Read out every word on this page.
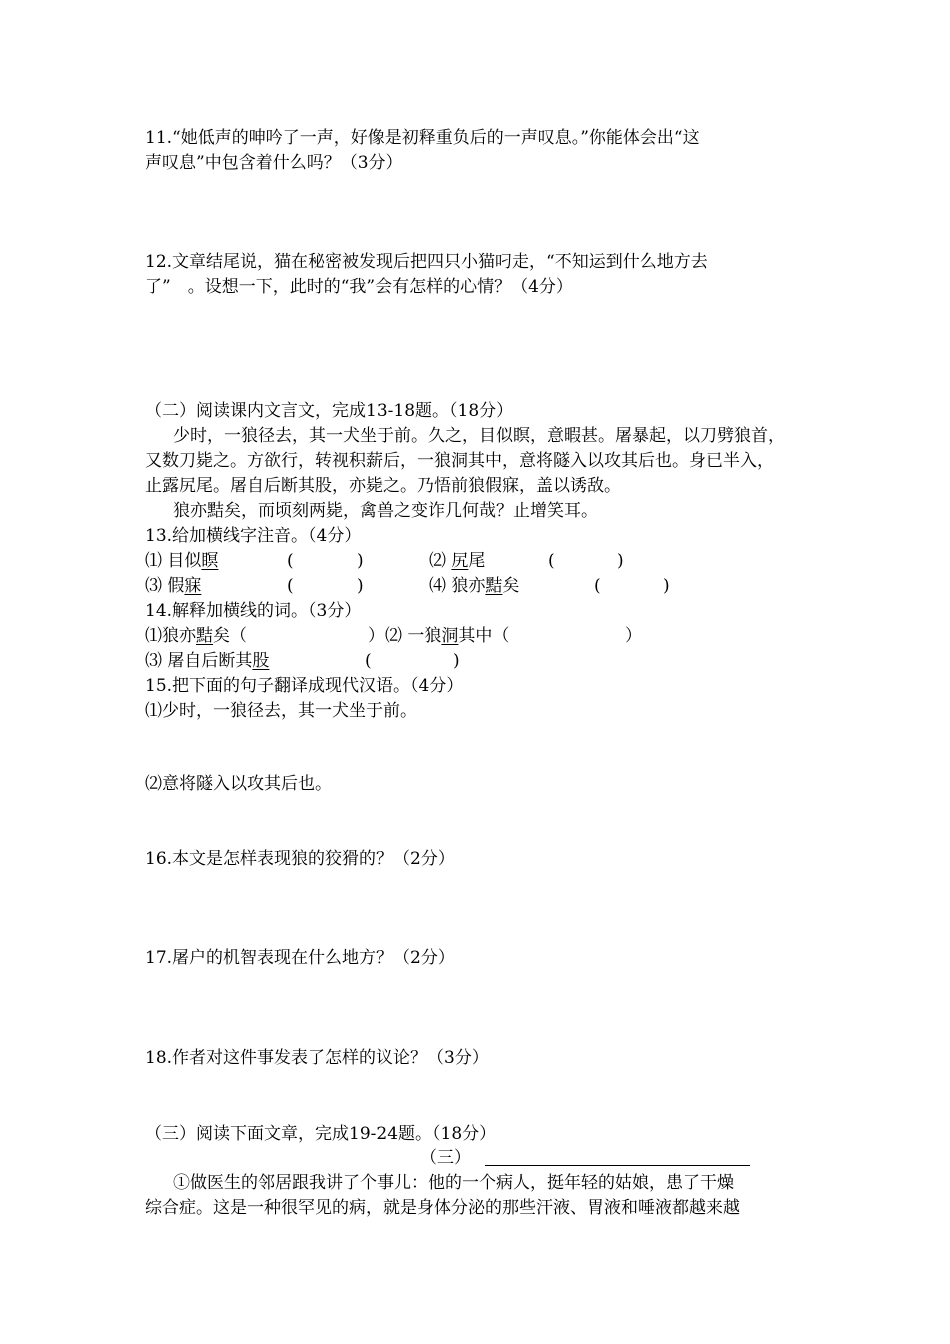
11.“她低声的呻吟了一声，好像是初释重负后的一声叹息。”你能体会出“这

声叹息”中包含着什么吗？（3分）

12.文章结尾说，猫在秘密被发现后把四只小猫叼走，“不知运到什么地方去

了”　。设想一下，此时的“我”会有怎样的心情？（4分）

（二）阅读课内文言文，完成13-18题。（18分）

少时，一狼径去，其一犬坐于前。久之，目似瞑，意暇甚。屠暴起，以刀劈狼首，

又数刀毙之。方欲行，转视积薪后，一狼洞其中，意将隧入以攻其后也。身已半入，

止露尻尾。屠自后断其股，亦毙之。乃悟前狼假寐，盖以诱敌。

狼亦黠矣，而顷刻两毙，禽兽之变诈几何哉？止增笑耳。

13.给加横线字注音。（4分）

⑴ 目似瞑	(	)	⑵ 尻尾	(	)
⑶ 假寐	(	)	⑷ 狼亦黠矣	(	)

14.解释加横线的词。（3分）

⑴狼亦黠矣（	） ⑵ 一狼洞其中（	）
⑶ 屠自后断其股	(	)

15.把下面的句子翻译成现代汉语。（4分）

⑴少时，一狼径去，其一犬坐于前。

⑵意将隧入以攻其后也。

16.本文是怎样表现狼的狡猾的？（2分）

17.屠户的机智表现在什么地方？（2分）

18.作者对这件事发表了怎样的议论？（3分）

（三）阅读下面文章，完成19-24题。（18分）

（三）

①做医生的邻居跟我讲了个事儿：他的一个病人，挺年轻的姑娘，患了干燥

综合症。这是一种很罕见的病，就是身体分泌的那些汗液、胃液和唾液都越来越
